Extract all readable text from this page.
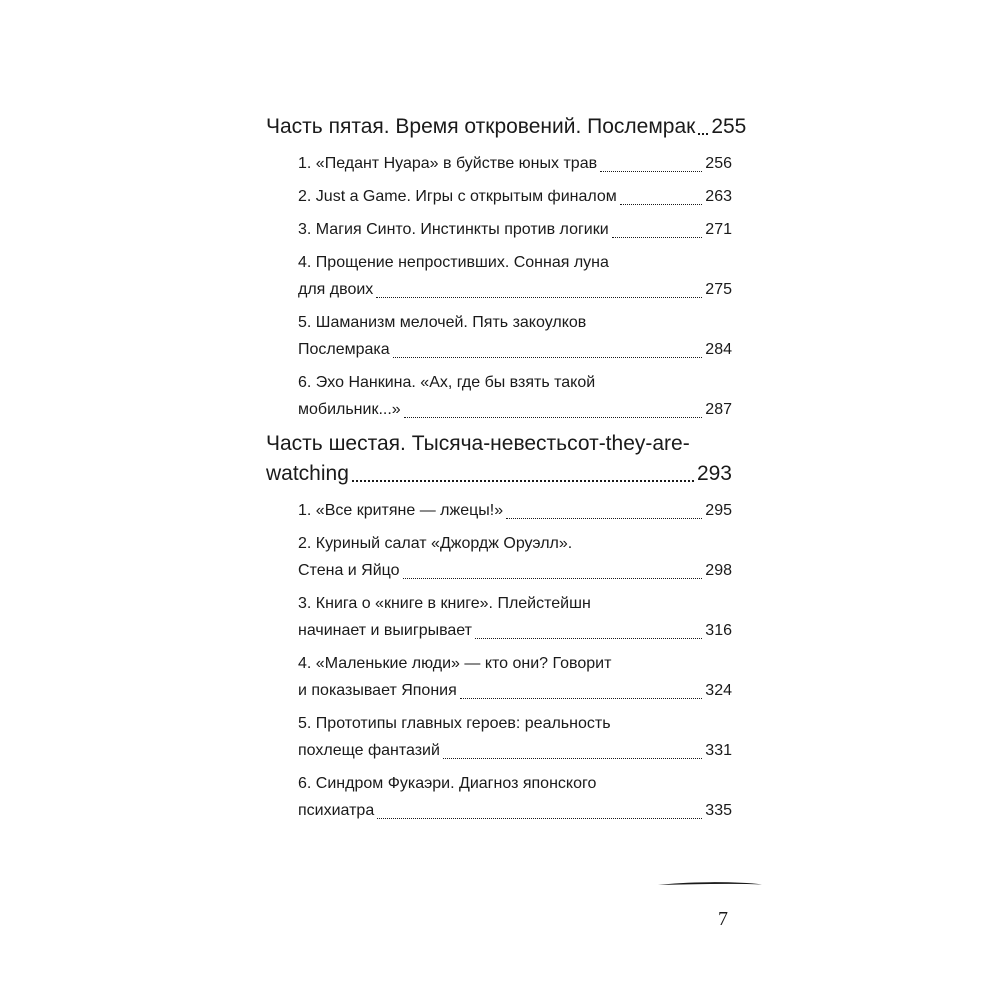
Часть пятая. Время откровений. Послемрак 255
1. «Педант Нуара» в буйстве юных трав	256
2. Just a Game. Игры с открытым финалом	263
3. Магия Синто. Инстинкты против логики	271
4. Прощение непростивших. Сонная луна
для двоих	275
5. Шаманизм мелочей. Пять закоулков
Послемрака	284
6. Эхо Нанкина. «Ах, где бы взять такой
мобильник...»	287
Часть шестая. Тысяча-невестьсот-they-are-
watching	293
1. «Все критяне — лжецы!»	295
2. Куриный салат «Джордж Оруэлл».
Стена и Яйцо	298
3. Книга о «книге в книге». Плейстейшн
начинает и выигрывает	316
4. «Маленькие люди» — кто они? Говорит
и показывает Япония	324
5. Прототипы главных героев: реальность
похлеще фантазий	331
6. Синдром Фукаэри. Диагноз японского
психиатра	335
7
